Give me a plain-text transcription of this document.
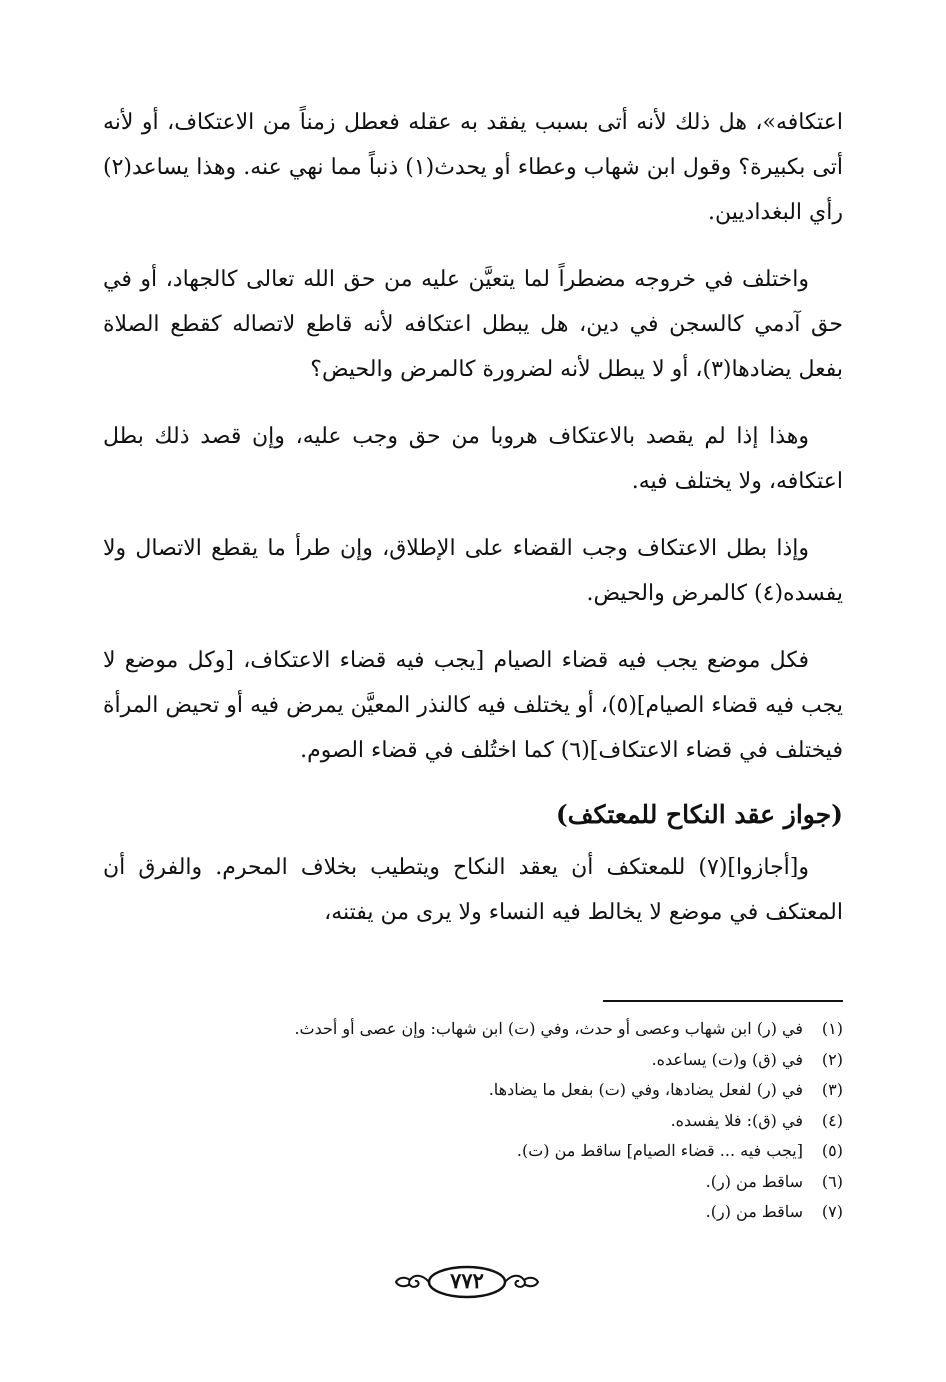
اعتكافه»، هل ذلك لأنه أتى بسبب يفقد به عقله فعطل زمناً من الاعتكاف، أو لأنه أتى بكبيرة؟ وقول ابن شهاب وعطاء أو يحدث(١) ذنباً مما نهي عنه. وهذا يساعد(٢) رأي البغداديين.

واختلف في خروجه مضطراً لما يتعيَّن عليه من حق الله تعالى كالجهاد، أو في حق آدمي كالسجن في دين، هل يبطل اعتكافه لأنه قاطع لاتصاله كقطع الصلاة بفعل يضادها(٣)، أو لا يبطل لأنه لضرورة كالمرض والحيض؟

وهذا إذا لم يقصد بالاعتكاف هروبا من حق وجب عليه، وإن قصد ذلك بطل اعتكافه، ولا يختلف فيه.

وإذا بطل الاعتكاف وجب القضاء على الإطلاق، وإن طرأ ما يقطع الاتصال ولا يفسده(٤) كالمرض والحيض.

فكل موضع يجب فيه قضاء الصيام [يجب فيه قضاء الاعتكاف، [وكل موضع لا يجب فيه قضاء الصيام](٥)، أو يختلف فيه كالنذر المعيَّن يمرض فيه أو تحيض المرأة فيختلف في قضاء الاعتكاف](٦) كما اختُلف في قضاء الصوم.

(جواز عقد النكاح للمعتكف)

و[أجازوا](٧) للمعتكف أن يعقد النكاح ويتطيب بخلاف المحرم. والفرق أن المعتكف في موضع لا يخالط فيه النساء ولا يرى من يفتنه،

(١)
في (ر) ابن شهاب وعصى أو حدث، وفي (ت) ابن شهاب: وإن عصى أو أحدث.
(٢)
في (ق) و(ت) يساعده.
(٣)
في (ر) لفعل يضادها، وفي (ت) بفعل ما يضادها.
(٤)
في (ق): فلا يفسده.
(٥)
[يجب فيه ... قضاء الصيام] ساقط من (ت).
(٦)
ساقط من (ر).
(٧)
ساقط من (ر).
٧٧٢
